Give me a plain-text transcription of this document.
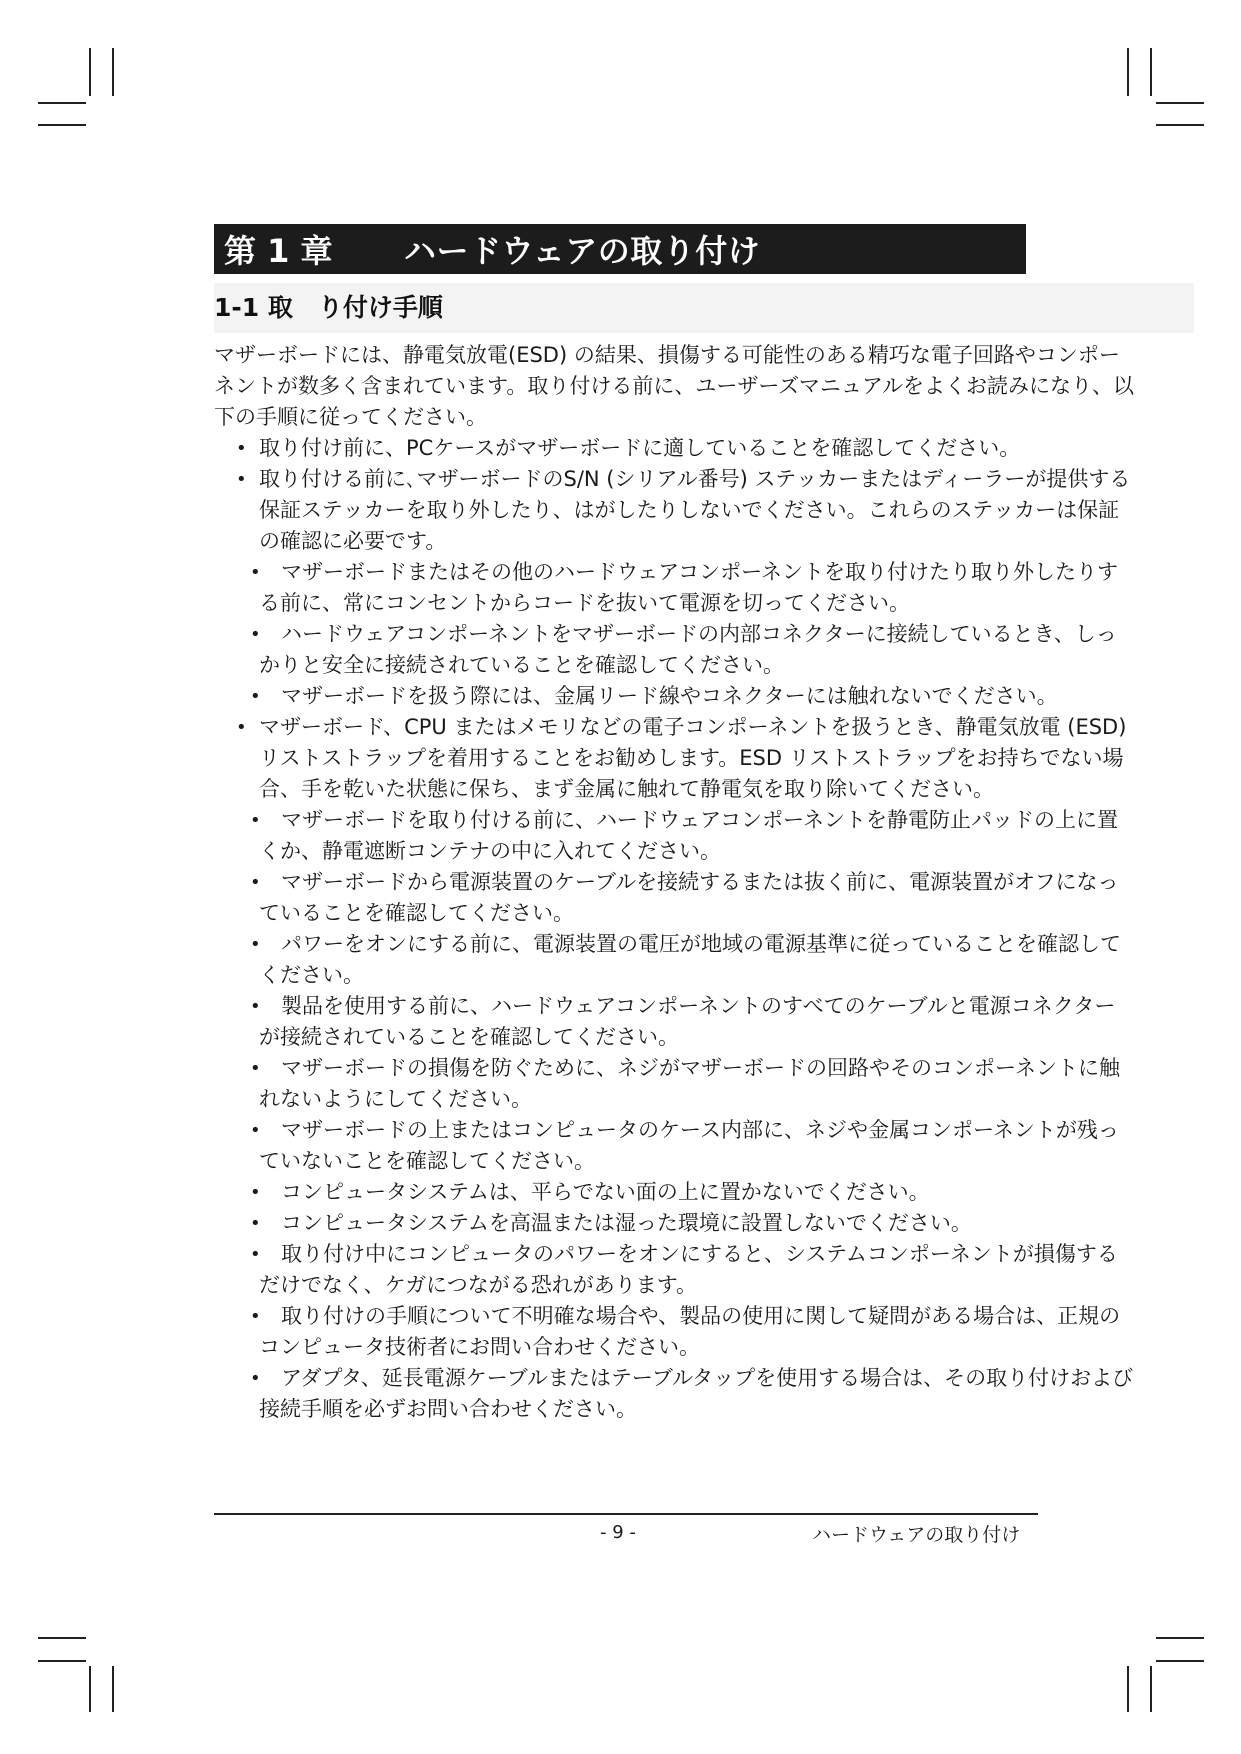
第 1 章	ハードウェアの取り付け
1-1 取　り付け手順

マザーボードには、静電気放電(ESD) の結果、損傷する可能性のある精巧な電子回路やコンポーネントが数多く含まれています。取り付ける前に、ユーザーズマニュアルをよくお読みになり、以下の手順に従ってください。

• 取り付け前に、PCケースがマザーボードに適していることを確認してください。
• 取り付ける前に､マザーボードのS/N (シリアル番号) ステッカーまたはディーラーが提供する保証ステッカーを取り外したり、はがしたりしないでください。これらのステッカーは保証の確認に必要です。
• マザーボードまたはその他のハードウェアコンポーネントを取り付けたり取り外したりする前に、常にコンセントからコードを抜いて電源を切ってください。
• ハードウェアコンポーネントをマザーボードの内部コネクターに接続しているとき、しっかりと安全に接続されていることを確認してください。
• マザーボードを扱う際には、金属リード線やコネクターには触れないでください。
• マザーボード、CPU またはメモリなどの電子コンポーネントを扱うとき、静電気放電 (ESD) リストストラップを着用することをお勧めします。ESD リストストラップをお持ちでない場合、手を乾いた状態に保ち、まず金属に触れて静電気を取り除いてください。
• マザーボードを取り付ける前に、ハードウェアコンポーネントを静電防止パッドの上に置くか、静電遮断コンテナの中に入れてください。
• マザーボードから電源装置のケーブルを接続するまたは抜く前に、電源装置がオフになっていることを確認してください。
• パワーをオンにする前に、電源装置の電圧が地域の電源基準に従っていることを確認してください。
• 製品を使用する前に、ハードウェアコンポーネントのすべてのケーブルと電源コネクターが接続されていることを確認してください。
• マザーボードの損傷を防ぐために、ネジがマザーボードの回路やそのコンポーネントに触れないようにしてください。
• マザーボードの上またはコンピュータのケース内部に、ネジや金属コンポーネントが残っていないことを確認してください。
• コンピュータシステムは、平らでない面の上に置かないでください。
• コンピュータシステムを高温または湿った環境に設置しないでください。
• 取り付け中にコンピュータのパワーをオンにすると、システムコンポーネントが損傷するだけでなく、ケガにつながる恐れがあります。
• 取り付けの手順について不明確な場合や、製品の使用に関して疑問がある場合は、正規のコンピュータ技術者にお問い合わせください。
• アダプタ、延長電源ケーブルまたはテーブルタップを使用する場合は、その取り付けおよび接続手順を必ずお問い合わせください。
- 9 -	ハードウェアの取り付け
